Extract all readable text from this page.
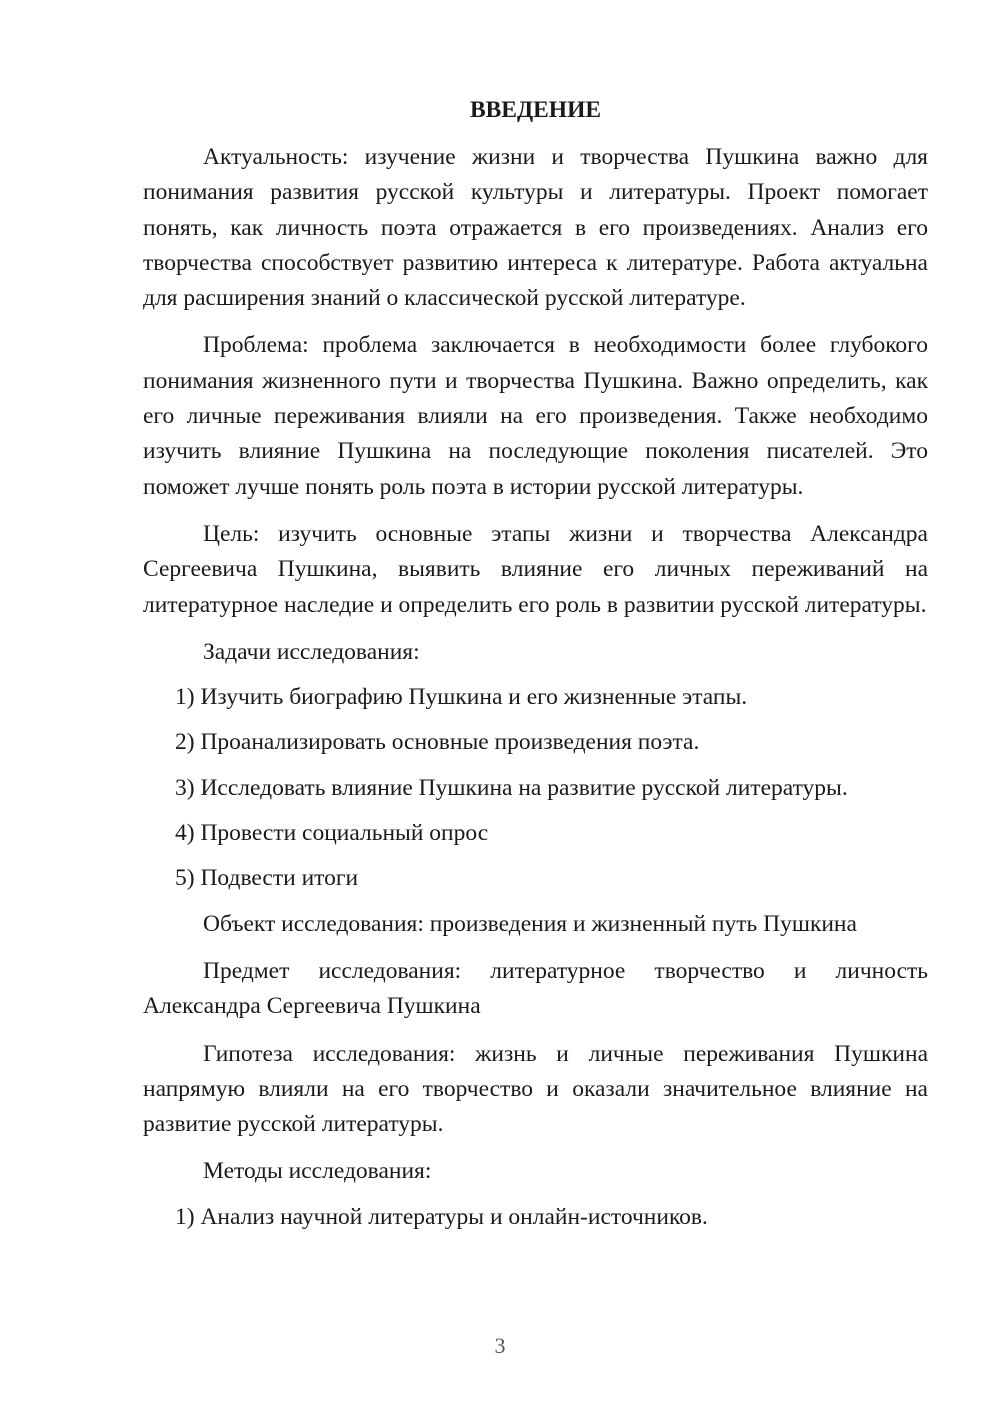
ВВЕДЕНИЕ

Актуальность: изучение жизни и творчества Пушкина важно для понимания развития русской культуры и литературы. Проект помогает понять, как личность поэта отражается в его произведениях. Анализ его творчества способствует развитию интереса к литературе. Работа актуальна для расширения знаний о классической русской литературе.

Проблема: проблема заключается в необходимости более глубокого понимания жизненного пути и творчества Пушкина. Важно определить, как его личные переживания влияли на его произведения. Также необходимо изучить влияние Пушкина на последующие поколения писателей. Это поможет лучше понять роль поэта в истории русской литературы.

Цель: изучить основные этапы жизни и творчества Александра Сергеевича Пушкина, выявить влияние его личных переживаний на литературное наследие и определить его роль в развитии русской литературы.

Задачи исследования:

1) Изучить биографию Пушкина и его жизненные этапы.

2) Проанализировать основные произведения поэта.

3) Исследовать влияние Пушкина на развитие русской литературы.

4) Провести социальный опрос

5) Подвести итоги

Объект исследования: произведения и жизненный путь Пушкина

Предмет исследования: литературное творчество и личность Александра Сергеевича Пушкина

Гипотеза исследования: жизнь и личные переживания Пушкина напрямую влияли на его творчество и оказали значительное влияние на развитие русской литературы.

Методы исследования:

1) Анализ научной литературы и онлайн-источников.

3
